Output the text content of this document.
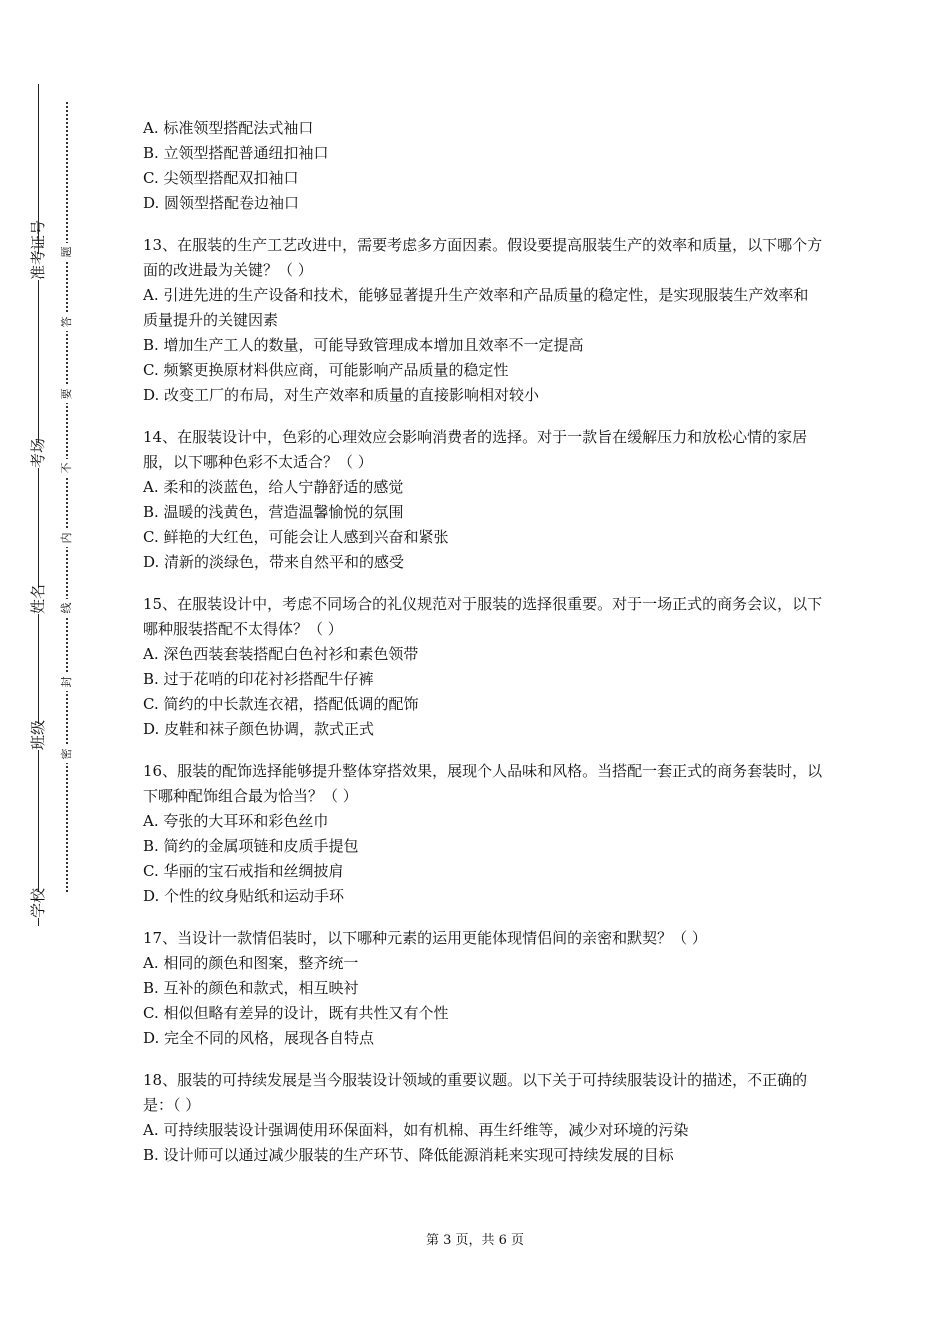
准考证号
考场
姓名
班级
学校
题
答
要
不
内
线
封
密

A. 标准领型搭配法式袖口

B. 立领型搭配普通纽扣袖口

C. 尖领型搭配双扣袖口

D. 圆领型搭配卷边袖口

13、在服装的生产工艺改进中，需要考虑多方面因素。假设要提高服装生产的效率和质量，以下哪个方面的改进最为关键？（ ）

A. 引进先进的生产设备和技术，能够显著提升生产效率和产品质量的稳定性，是实现服装生产效率和质量提升的关键因素

B. 增加生产工人的数量，可能导致管理成本增加且效率不一定提高

C. 频繁更换原材料供应商，可能影响产品质量的稳定性

D. 改变工厂的布局，对生产效率和质量的直接影响相对较小

14、在服装设计中，色彩的心理效应会影响消费者的选择。对于一款旨在缓解压力和放松心情的家居服，以下哪种色彩不太适合？（ ）

A. 柔和的淡蓝色，给人宁静舒适的感觉

B. 温暖的浅黄色，营造温馨愉悦的氛围

C. 鲜艳的大红色，可能会让人感到兴奋和紧张

D. 清新的淡绿色，带来自然平和的感受

15、在服装设计中，考虑不同场合的礼仪规范对于服装的选择很重要。对于一场正式的商务会议，以下哪种服装搭配不太得体？（ ）

A. 深色西装套装搭配白色衬衫和素色领带

B. 过于花哨的印花衬衫搭配牛仔裤

C. 简约的中长款连衣裙，搭配低调的配饰

D. 皮鞋和袜子颜色协调，款式正式

16、服装的配饰选择能够提升整体穿搭效果，展现个人品味和风格。当搭配一套正式的商务套装时，以下哪种配饰组合最为恰当？（ ）

A. 夸张的大耳环和彩色丝巾

B. 简约的金属项链和皮质手提包

C. 华丽的宝石戒指和丝绸披肩

D. 个性的纹身贴纸和运动手环

17、当设计一款情侣装时，以下哪种元素的运用更能体现情侣间的亲密和默契？（ ）

A. 相同的颜色和图案，整齐统一

B. 互补的颜色和款式，相互映衬

C. 相似但略有差异的设计，既有共性又有个性

D. 完全不同的风格，展现各自特点

18、服装的可持续发展是当今服装设计领域的重要议题。以下关于可持续服装设计的描述，不正确的是：（ ）

A. 可持续服装设计强调使用环保面料，如有机棉、再生纤维等，减少对环境的污染

B. 设计师可以通过减少服装的生产环节、降低能源消耗来实现可持续发展的目标

第 3 页，共 6 页
